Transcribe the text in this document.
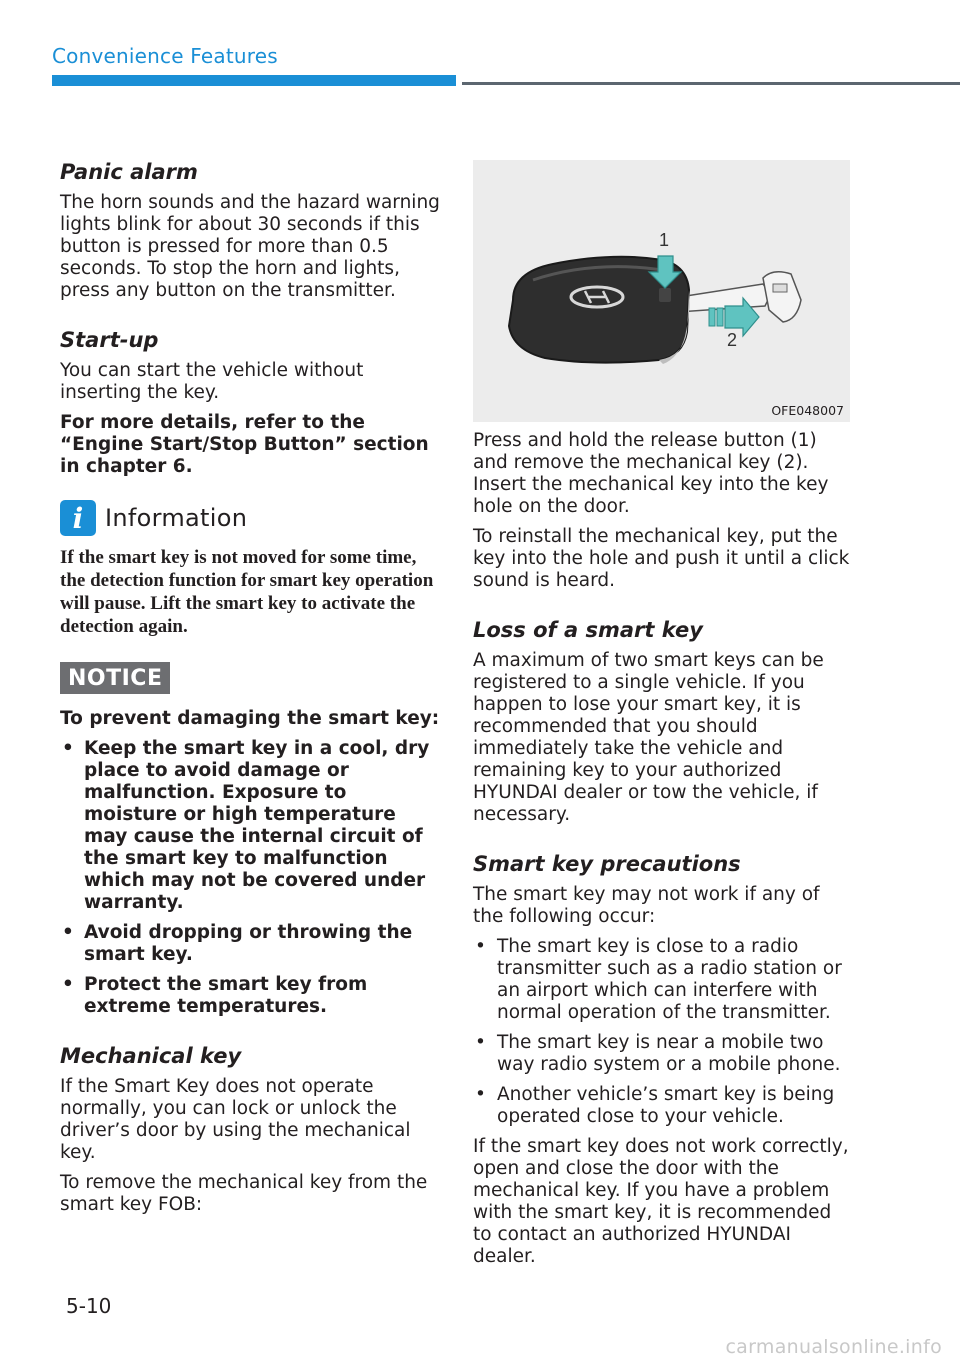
Convenience Features
Panic alarm

The horn sounds and the hazard warning lights blink for about 30 seconds if this button is pressed for more than 0.5 seconds. To stop the horn and lights, press any button on the transmitter.

Start-up

You can start the vehicle without inserting the key.

For more details, refer to the “Engine Start/Stop Button” section in chapter 6.

i Information

If the smart key is not moved for some time, the detection function for smart key operation will pause. Lift the smart key to activate the detection again.

NOTICE

To prevent damaging the smart key:

• Keep the smart key in a cool, dry place to avoid damage or malfunction. Exposure to moisture or high temperature may cause the internal circuit of the smart key to malfunction which may not be covered under warranty.
• Avoid dropping or throwing the smart key.
• Protect the smart key from extreme temperatures.
Mechanical key

If the Smart Key does not operate normally, you can lock or unlock the driver’s door by using the mechanical key.

To remove the mechanical key from the smart key FOB:

1
2
OFE048007

Press and hold the release button (1) and remove the mechanical key (2). Insert the mechanical key into the key hole on the door.

To reinstall the mechanical key, put the key into the hole and push it until a click sound is heard.

Loss of a smart key

A maximum of two smart keys can be registered to a single vehicle. If you happen to lose your smart key, it is recommended that you should immediately take the vehicle and remaining key to your authorized HYUNDAI dealer or tow the vehicle, if necessary.

Smart key precautions

The smart key may not work if any of the following occur:

• The smart key is close to a radio transmitter such as a radio station or an airport which can interfere with normal operation of the transmitter.
• The smart key is near a mobile two way radio system or a mobile phone.
• Another vehicle’s smart key is being operated close to your vehicle.

If the smart key does not work correctly, open and close the door with the mechanical key. If you have a problem with the smart key, it is recommended to contact an authorized HYUNDAI dealer.

5-10
carmanualsonline.info
